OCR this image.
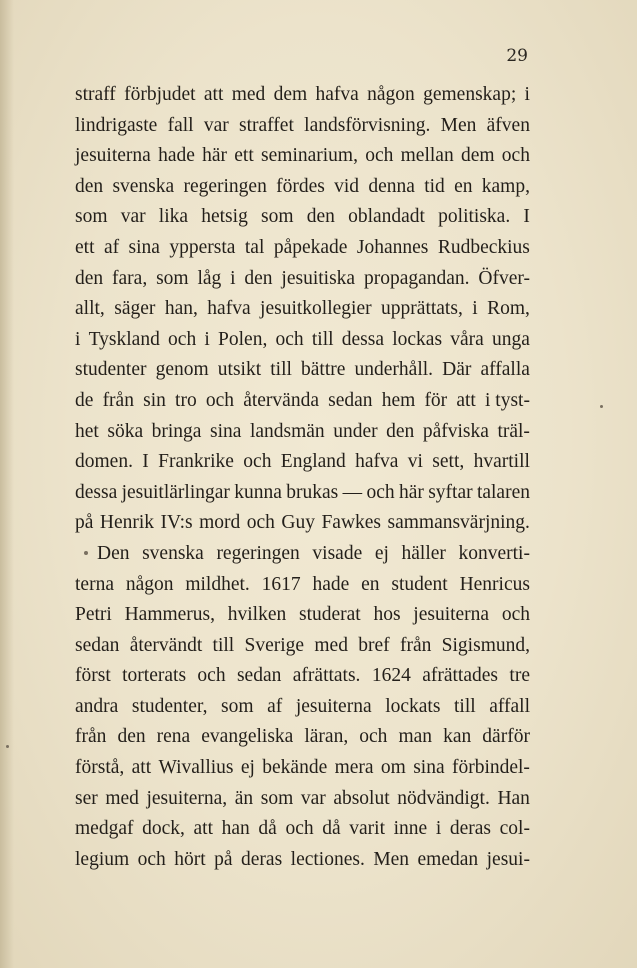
29
straff förbjudet att med dem hafva någon gemenskap; i
lindrigaste fall var straffet landsförvisning. Men äfven
jesuiterna hade här ett seminarium, och mellan dem och
den svenska regeringen fördes vid denna tid en kamp,
som var lika hetsig som den oblandadt politiska. I
ett af sina yppersta tal påpekade Johannes Rudbeckius
den fara, som låg i den jesuitiska propagandan. Öfver-
allt, säger han, hafva jesuitkollegier upprättats, i Rom,
i Tyskland och i Polen, och till dessa lockas våra unga
studenter genom utsikt till bättre underhåll. Där affalla
de från sin tro och återvända sedan hem för att i tyst-
het söka bringa sina landsmän under den påfviska träl-
domen. I Frankrike och England hafva vi sett, hvartill
dessa jesuitlärlingar kunna brukas — och här syftar talaren
på Henrik IV:s mord och Guy Fawkes sammansvärjning.
Den svenska regeringen visade ej häller konverti-
terna någon mildhet. 1617 hade en student Henricus
Petri Hammerus, hvilken studerat hos jesuiterna och
sedan återvändt till Sverige med bref från Sigismund,
först torterats och sedan afrättats. 1624 afrättades tre
andra studenter, som af jesuiterna lockats till affall
från den rena evangeliska läran, och man kan därför
förstå, att Wivallius ej bekände mera om sina förbindel-
ser med jesuiterna, än som var absolut nödvändigt. Han
medgaf dock, att han då och då varit inne i deras col-
legium och hört på deras lectiones. Men emedan jesui-
